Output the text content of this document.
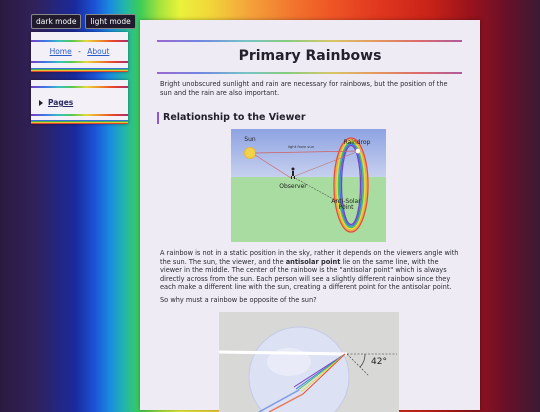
dark mode	light mode
Home - About
Pages
Primary Rainbows
Bright unobscured sunlight and rain are necessary for rainbows, but the position of the sun and the rain are also important.
Relationship to the Viewer
Sun
light from sun
Raindrop
Observer
Anti-Solar
Point
A rainbow is not in a static position in the sky, rather it depends on the viewers angle with the sun. The sun, the viewer, and the antisolar point lie on the same line, with the viewer in the middle. The center of the rainbow is the "antisolar point" which is always directly across from the sun. Each person will see a slightly different rainbow since they each make a different line with the sun, creating a different point for the antisolar point.
So why must a rainbow be opposite of the sun?
42°
